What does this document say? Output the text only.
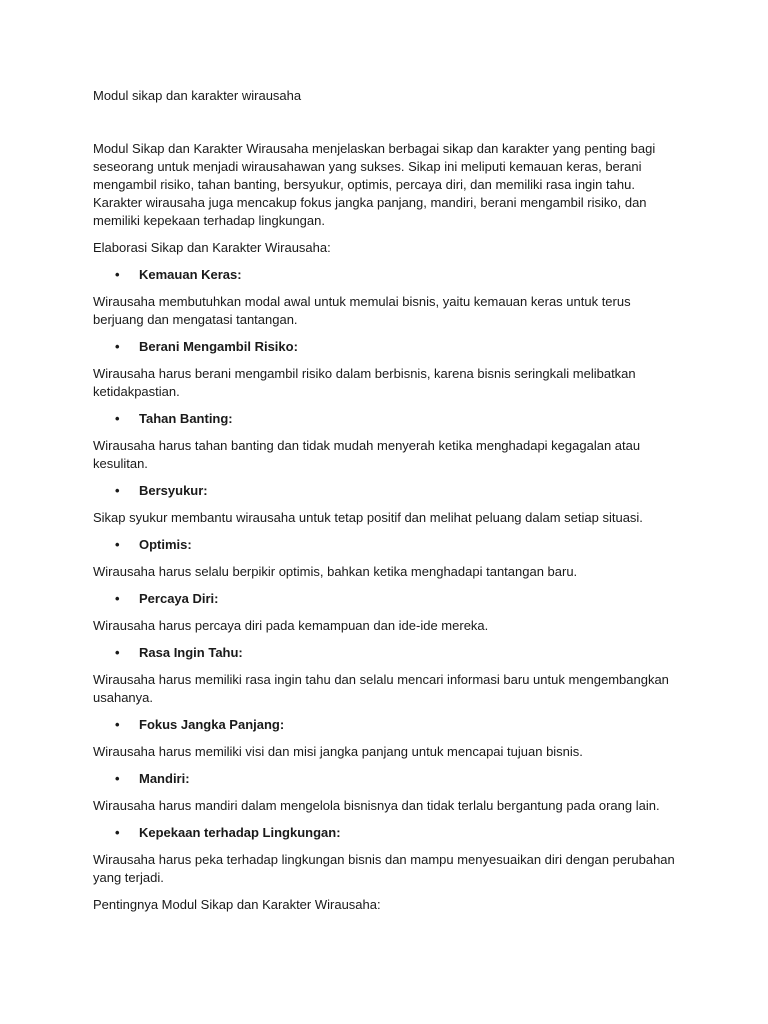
Modul sikap dan karakter wirausaha

Modul Sikap dan Karakter Wirausaha menjelaskan berbagai sikap dan karakter yang penting bagi seseorang untuk menjadi wirausahawan yang sukses. Sikap ini meliputi kemauan keras, berani mengambil risiko, tahan banting, bersyukur, optimis, percaya diri, dan memiliki rasa ingin tahu. Karakter wirausaha juga mencakup fokus jangka panjang, mandiri, berani mengambil risiko, dan memiliki kepekaan terhadap lingkungan.

Elaborasi Sikap dan Karakter Wirausaha:

• Kemauan Keras:

Wirausaha membutuhkan modal awal untuk memulai bisnis, yaitu kemauan keras untuk terus berjuang dan mengatasi tantangan.

• Berani Mengambil Risiko:

Wirausaha harus berani mengambil risiko dalam berbisnis, karena bisnis seringkali melibatkan ketidakpastian.

• Tahan Banting:

Wirausaha harus tahan banting dan tidak mudah menyerah ketika menghadapi kegagalan atau kesulitan.

• Bersyukur:

Sikap syukur membantu wirausaha untuk tetap positif dan melihat peluang dalam setiap situasi.

• Optimis:

Wirausaha harus selalu berpikir optimis, bahkan ketika menghadapi tantangan baru.

• Percaya Diri:

Wirausaha harus percaya diri pada kemampuan dan ide-ide mereka.

• Rasa Ingin Tahu:

Wirausaha harus memiliki rasa ingin tahu dan selalu mencari informasi baru untuk mengembangkan usahanya.

• Fokus Jangka Panjang:

Wirausaha harus memiliki visi dan misi jangka panjang untuk mencapai tujuan bisnis.

• Mandiri:

Wirausaha harus mandiri dalam mengelola bisnisnya dan tidak terlalu bergantung pada orang lain.

• Kepekaan terhadap Lingkungan:

Wirausaha harus peka terhadap lingkungan bisnis dan mampu menyesuaikan diri dengan perubahan yang terjadi.

Pentingnya Modul Sikap dan Karakter Wirausaha:
